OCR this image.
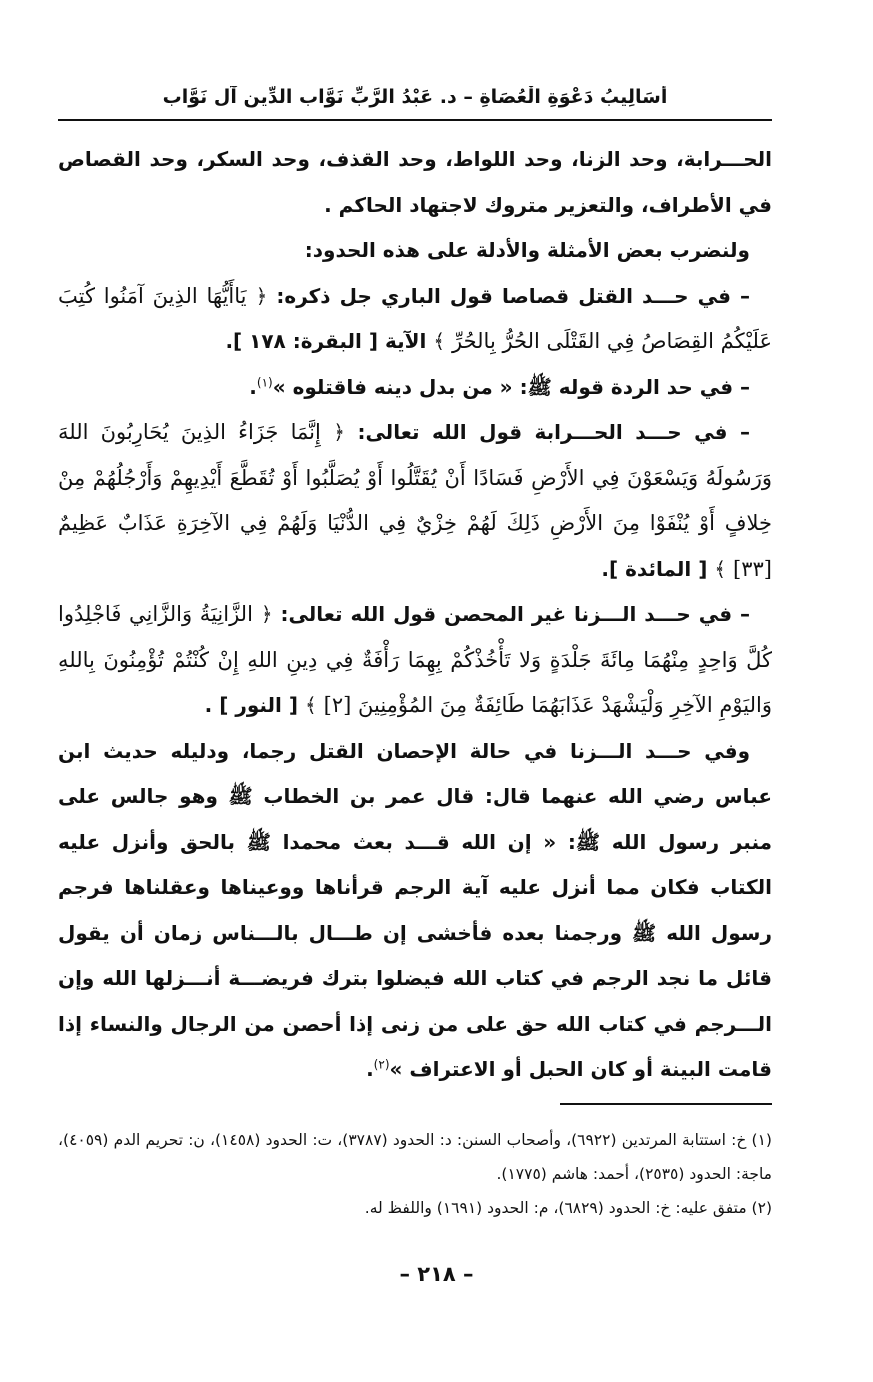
أَسَالِيبُ دَعْوَةِ الْعُصَاةِ – د. عَبْدُ الرَّبِّ نَوَّاب الدِّين آل نَوَّاب

الحـــرابة، وحد الزنا، وحد اللواط، وحد القذف، وحد السكر، وحد القصاص في الأطراف، والتعزير متروك لاجتهاد الحاكم .

ولنضرب بعض الأمثلة والأدلة على هذه الحدود:

– في حـــد القتل قصاصا قول الباري جل ذكره: ﴿ يَاأَيُّهَا الذِينَ آمَنُوا كُتِبَ عَلَيْكُمُ القِصَاصُ فِي القَتْلَى الحُرُّ بِالحُرِّ ﴾ الآية [ البقرة: ١٧٨ ].

– في حد الردة قوله ﷺ: « من بدل دينه فاقتلوه »$^{(١)}$.

– في حـــد الحـــرابة قول الله تعالى: ﴿ إِنَّمَا جَزَاءُ الذِينَ يُحَارِبُونَ اللهَ وَرَسُولَهُ وَيَسْعَوْنَ فِي الأَرْضِ فَسَادًا أَنْ يُقَتَّلُوا أَوْ يُصَلَّبُوا أَوْ تُقَطَّعَ أَيْدِيهِمْ وَأَرْجُلُهُمْ مِنْ خِلافٍ أَوْ يُنْفَوْا مِنَ الأَرْضِ ذَلِكَ لَهُمْ خِزْيٌ فِي الدُّنْيَا وَلَهُمْ فِي الآخِرَةِ عَذَابٌ عَظِيمٌ [٣٣] ﴾ [ المائدة ].

– في حـــد الـــزنا غير المحصن قول الله تعالى: ﴿ الزَّانِيَةُ وَالزَّانِي فَاجْلِدُوا كُلَّ وَاحِدٍ مِنْهُمَا مِائَةَ جَلْدَةٍ وَلا تَأْخُذْكُمْ بِهِمَا رَأْفَةٌ فِي دِينِ اللهِ إِنْ كُنْتُمْ تُؤْمِنُونَ بِاللهِ وَاليَوْمِ الآخِرِ وَلْيَشْهَدْ عَذَابَهُمَا طَائِفَةٌ مِنَ المُؤْمِنِينَ [٢] ﴾ [ النور ] .

وفي حـــد الـــزنا في حالة الإحصان القتل رجما، ودليله حديث ابن عباس رضي الله عنهما قال: قال عمر بن الخطاب ﷺ وهو جالس على منبر رسول الله ﷺ: « إن الله قـــد بعث محمدا ﷺ بالحق وأنزل عليه الكتاب فكان مما أنزل عليه آية الرجم قرأناها ووعيناها وعقلناها فرجم رسول الله ﷺ ورجمنا بعده فأخشى إن طـــال بالـــناس زمان أن يقول قائل ما نجد الرجم في كتاب الله فيضلوا بترك فريضـــة أنـــزلها الله وإن الـــرجم في كتاب الله حق على من زنى إذا أحصن من الرجال والنساء إذا قامت البينة أو كان الحبل أو الاعتراف »$^{(٢)}$.

(١) خ: استتابة المرتدين (٦٩٢٢)، وأصحاب السنن: د: الحدود (٣٧٨٧)، ت: الحدود (١٤٥٨)، ن: تحريم الدم (٤٠٥٩)، ماجة: الحدود (٢٥٣٥)، أحمد: هاشم (١٧٧٥).

(٢) متفق عليه: خ: الحدود (٦٨٢٩)، م: الحدود (١٦٩١) واللفظ له.

– ٢١٨ –
